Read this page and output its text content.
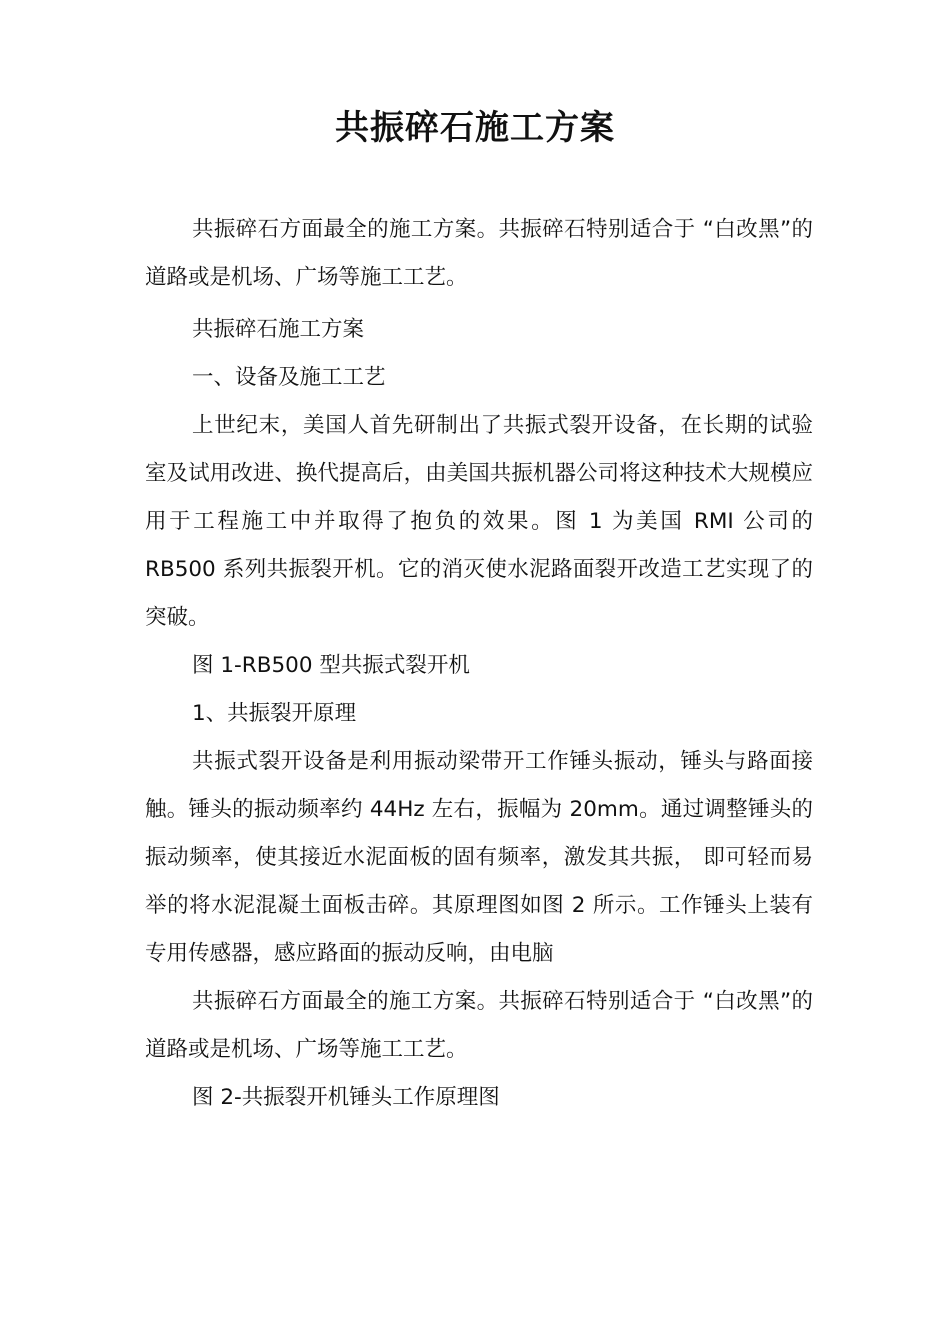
共振碎石施工方案

共振碎石方面最全的施工方案。共振碎石特别适合于 “白改黑”的道路或是机场、广场等施工工艺。

共振碎石施工方案

一、设备及施工工艺

上世纪末，美国人首先研制出了共振式裂开设备，在长期的试验室及试用改进、换代提高后，由美国共振机器公司将这种技术大规模应用于工程施工中并取得了抱负的效果。图 1 为美国 RMI 公司的 RB500 系列共振裂开机。它的消灭使水泥路面裂开改造工艺实现了的突破。

图 1-RB500 型共振式裂开机

1、共振裂开原理

共振式裂开设备是利用振动梁带开工作锤头振动，锤头与路面接触。锤头的振动频率约 44Hz 左右，振幅为 20mm。通过调整锤头的振动频率，使其接近水泥面板的固有频率，激发其共振， 即可轻而易举的将水泥混凝土面板击碎。其原理图如图 2 所示。工作锤头上装有专用传感器，感应路面的振动反响，由电脑

共振碎石方面最全的施工方案。共振碎石特别适合于 “白改黑”的道路或是机场、广场等施工工艺。

图 2-共振裂开机锤头工作原理图
